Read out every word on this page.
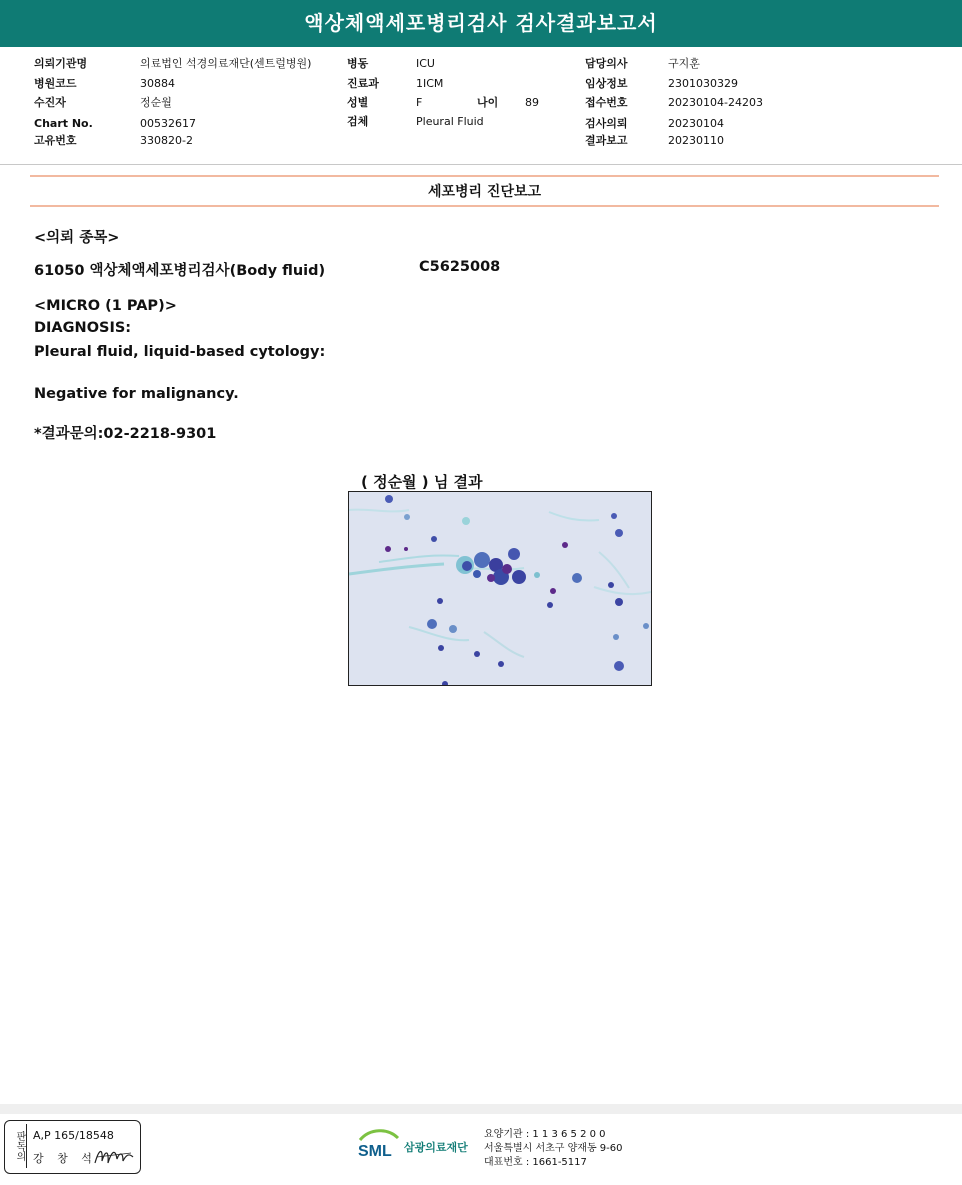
액상체액세포병리검사 검사결과보고서
의뢰기관명	의료법인 석경의료재단(센트럴병원)
병원코드	30884
수진자	정순월
Chart No.	00532617
고유번호	330820-2
병동	ICU
진료과	1ICM
성별	F	나이 89
검체	Pleural Fluid
담당의사	구지훈
임상정보	2301030329
접수번호	20230104-24203
검사의뢰	20230104
결과보고	20230110
세포병리 진단보고
<의뢰 종목>
61050 액상체액세포병리검사(Body fluid)	C5625008
<MICRO (1 PAP)>
DIAGNOSIS:
Pleural fluid, liquid-based cytology:
Negative for malignancy.
*결과문의:02-2218-9301
( 정순월 ) 님 결과
판독의 A,P 165/18548
강 창 석	SML 삼광의료재단
요양기관 : 1 1 3 6 5 2 0 0
서울특별시 서초구 양재동 9-60
대표번호 : 1661-5117
